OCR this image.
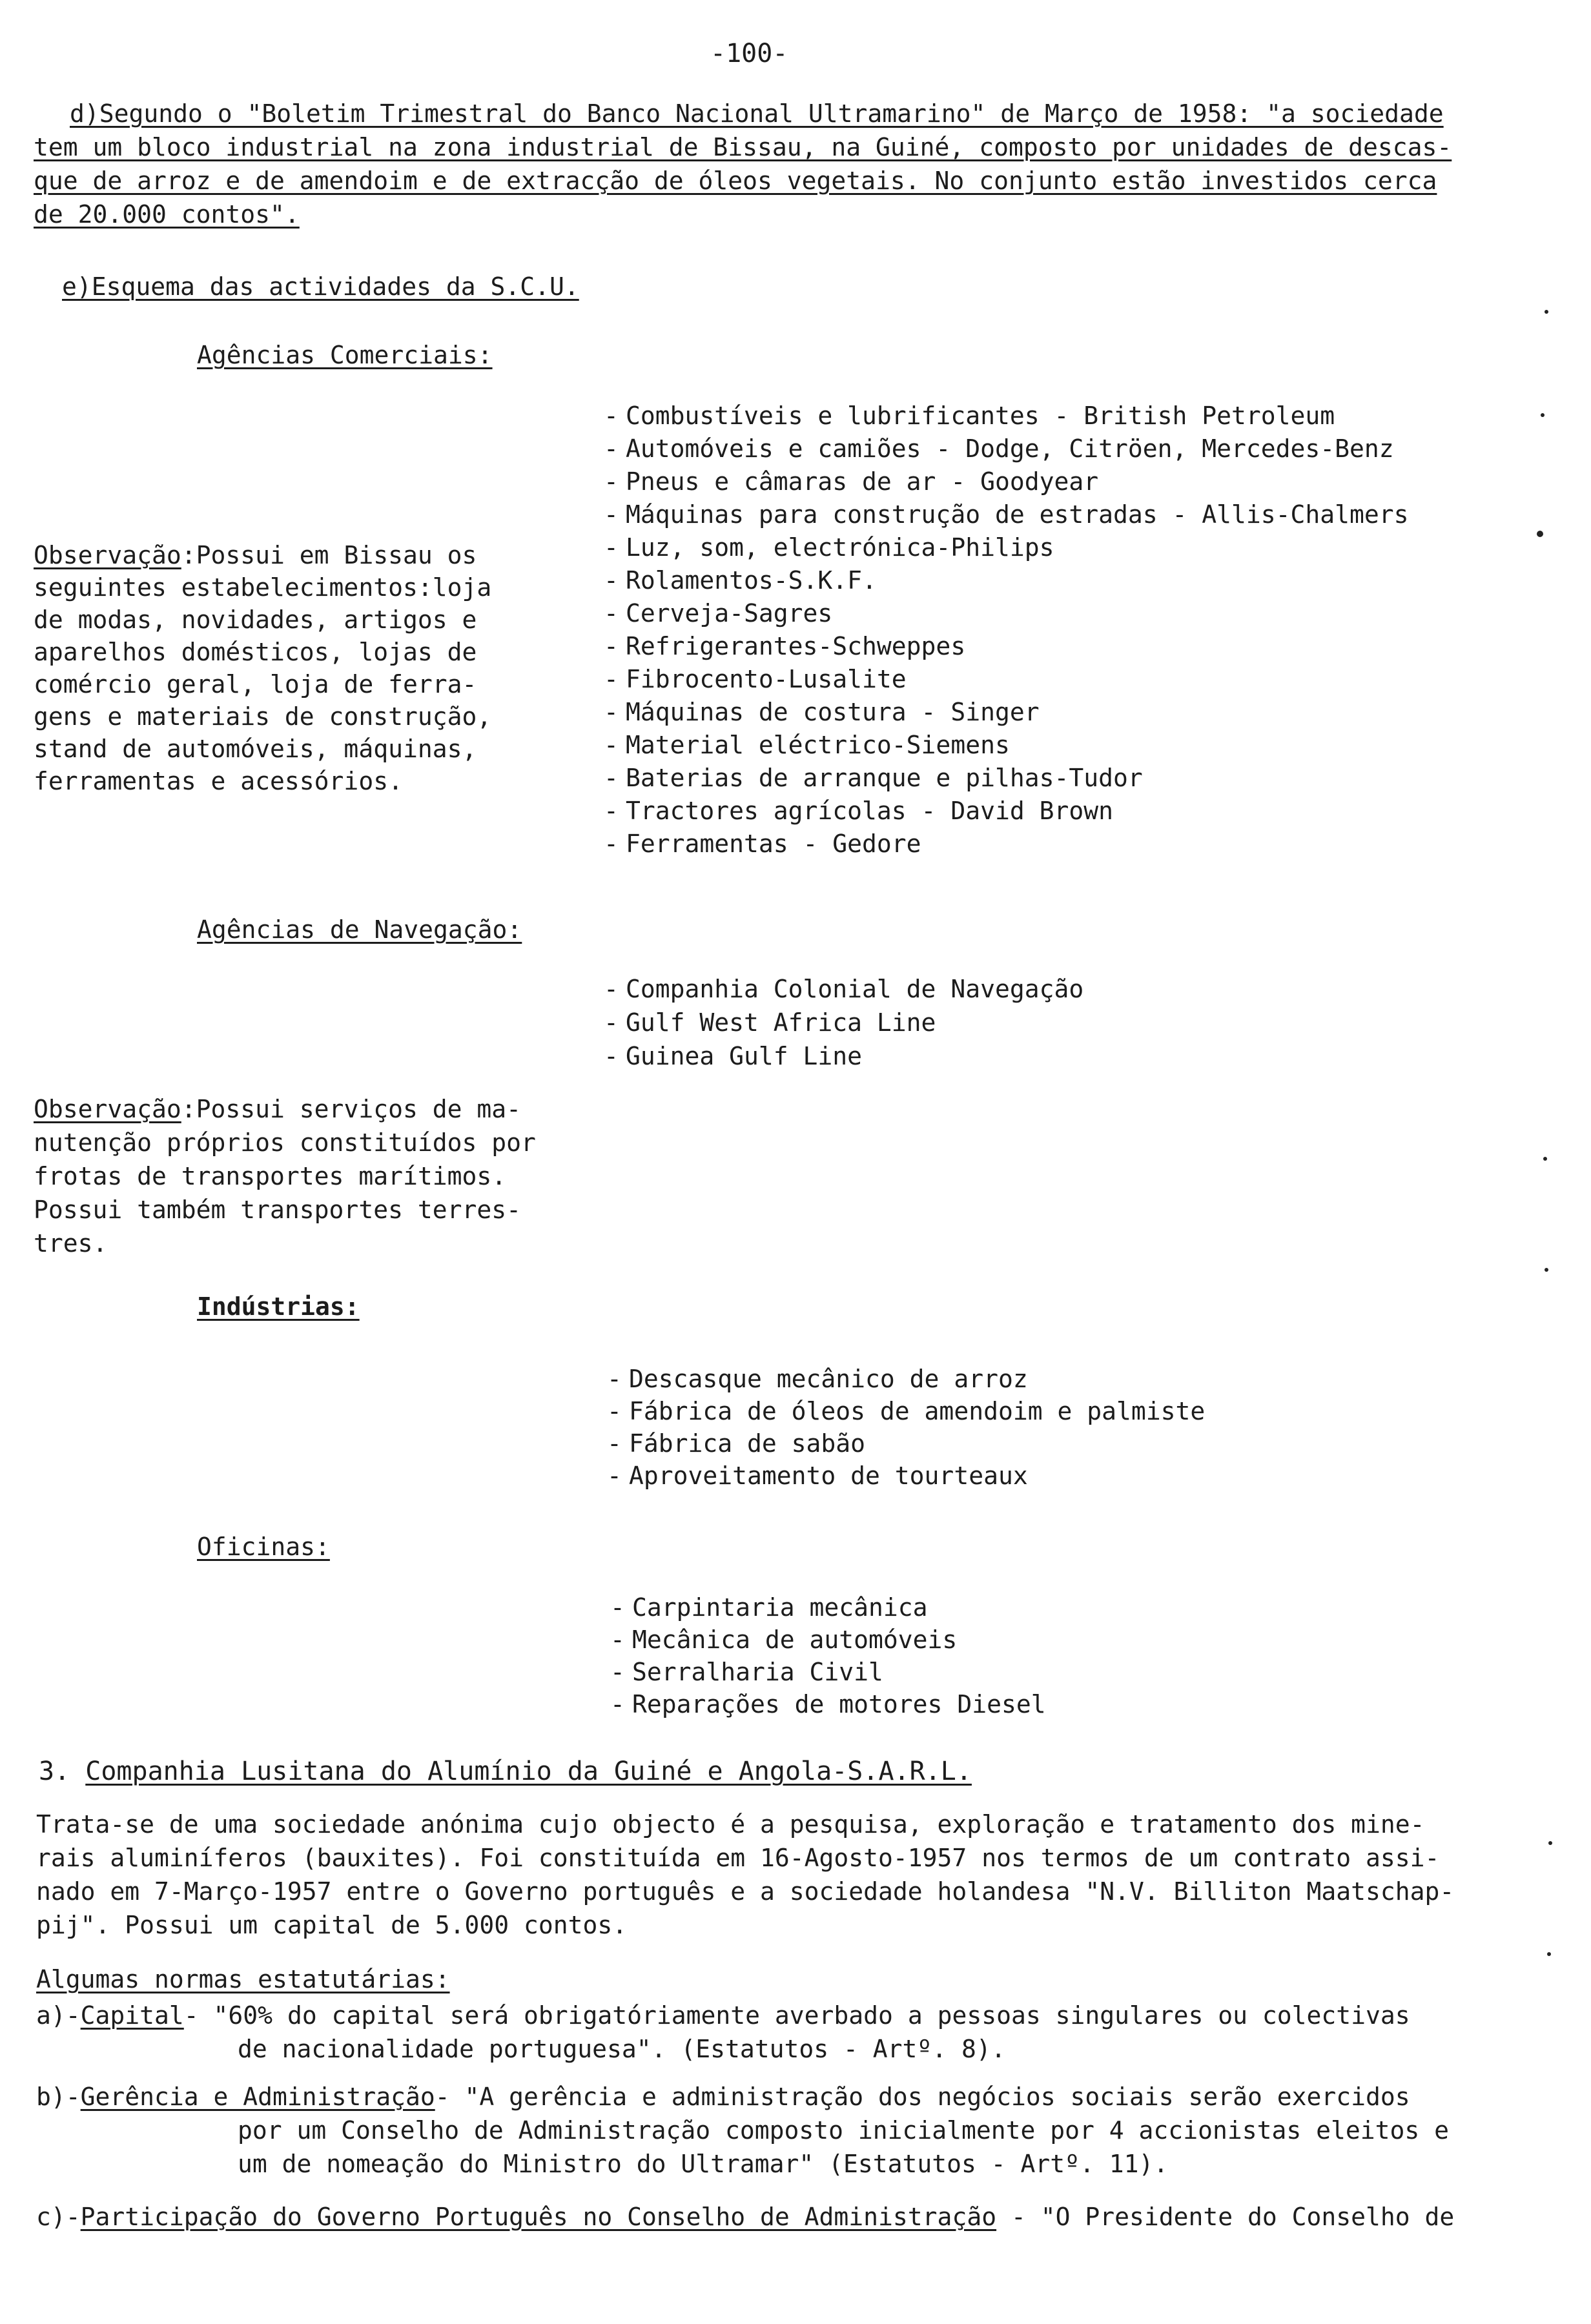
-100-
d)Segundo o "Boletim Trimestral do Banco Nacional Ultramarino" de Março de 1958: "a sociedade
tem um bloco industrial na zona industrial de Bissau, na Guiné, composto por unidades de descas-
que de arroz e de amendoim e de extracção de óleos vegetais. No conjunto estão investidos cerca
de 20.000 contos".
e)Esquema das actividades da S.C.U.
Agências Comerciais:
- Combustíveis e lubrificantes - British Petroleum
- Automóveis e camiões - Dodge, Citröen, Mercedes-Benz
- Pneus e câmaras de ar - Goodyear
- Máquinas para construção de estradas - Allis-Chalmers
- Luz, som, electrónica-Philips
- Rolamentos-S.K.F.
- Cerveja-Sagres
- Refrigerantes-Schweppes
- Fibrocento-Lusalite
- Máquinas de costura - Singer
- Material eléctrico-Siemens
- Baterias de arranque e pilhas-Tudor
- Tractores agrícolas - David Brown
- Ferramentas - Gedore
Observação:Possui em Bissau os
seguintes estabelecimentos:loja
de modas, novidades, artigos e
aparelhos domésticos, lojas de
comércio geral, loja de ferra-
gens e materiais de construção,
stand de automóveis, máquinas,
ferramentas e acessórios.
Agências de Navegação:
- Companhia Colonial de Navegação
- Gulf West Africa Line
- Guinea Gulf Line
Observação:Possui serviços de ma-
nutenção próprios constituídos por
frotas de transportes marítimos.
Possui também transportes terres-
tres.
Indústrias:
- Descasque mecânico de arroz
- Fábrica de óleos de amendoim e palmiste
- Fábrica de sabão
- Aproveitamento de tourteaux
Oficinas:
- Carpintaria mecânica
- Mecânica de automóveis
- Serralharia Civil
- Reparações de motores Diesel
3. Companhia Lusitana do Alumínio da Guiné e Angola-S.A.R.L.
Trata-se de uma sociedade anónima cujo objecto é a pesquisa, exploração e tratamento dos mine-
rais aluminíferos (bauxites). Foi constituída em 16-Agosto-1957 nos termos de um contrato assi-
nado em 7-Março-1957 entre o Governo português e a sociedade holandesa "N.V. Billiton Maatschap-
pij". Possui um capital de 5.000 contos.
Algumas normas estatutárias:
a)-Capital- "60% do capital será obrigatóriamente averbado a pessoas singulares ou colectivas
de nacionalidade portuguesa". (Estatutos - Artº. 8).
b)-Gerência e Administração- "A gerência e administração dos negócios sociais serão exercidos
por um Conselho de Administração composto inicialmente por 4 accionistas eleitos e
um de nomeação do Ministro do Ultramar" (Estatutos - Artº. 11).
c)-Participação do Governo Português no Conselho de Administração - "O Presidente do Conselho de
